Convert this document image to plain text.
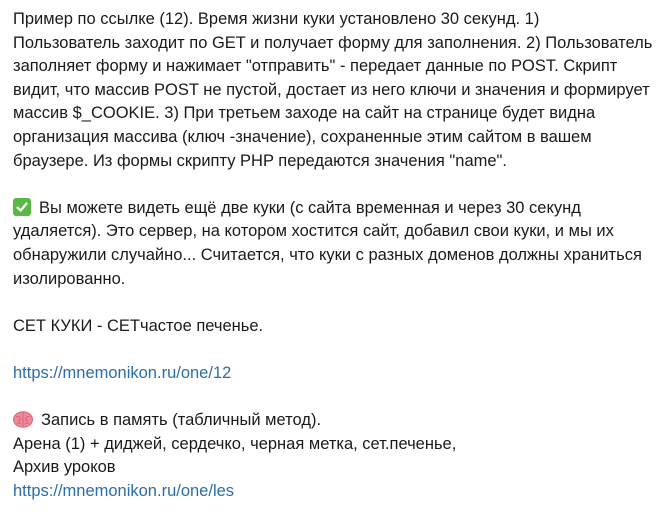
Пример по ссылке (12). Время жизни куки установлено 30 секунд. 1)
Пользователь заходит по GET и получает форму для заполнения. 2) Пользователь
заполняет форму и нажимает "отправить" - передает данные по POST. Скрипт
видит, что массив POST не пустой, достает из него ключи и значения и формирует
массив $_COOKIE. 3) При третьем заходе на сайт на странице будет видна
организация массива (ключ -значение), сохраненные этим сайтом в вашем
браузере. Из формы скрипту PHP передаются значения "name".
Вы можете видеть ещё две куки (с сайта временная и через 30 секунд
удаляется). Это сервер, на котором хостится сайт, добавил свои куки, и мы их
обнаружили случайно... Считается, что куки с разных доменов должны храниться
изолированно.
СЕТ КУКИ - СЕТчастое печенье.
https://mnemonikon.ru/one/12
Запись в память (табличный метод).
Арена (1) + диджей, сердечко, черная метка, сет.печенье,
Архив уроков
https://mnemonikon.ru/one/les
